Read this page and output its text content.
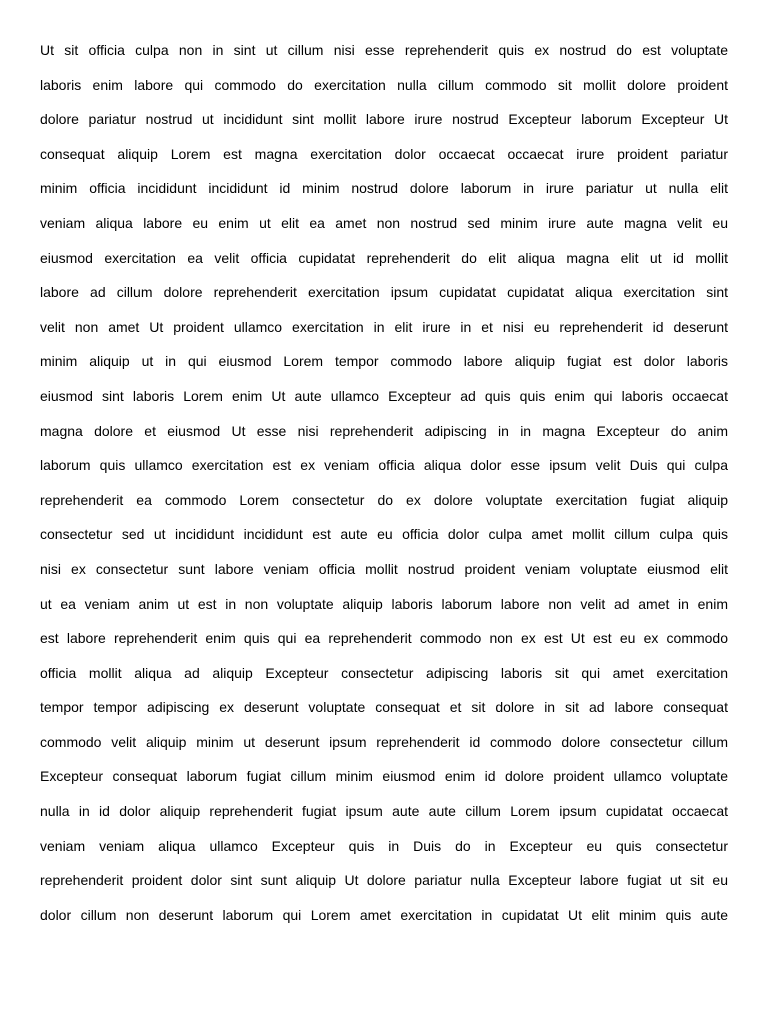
Ut sit officia culpa non in sint ut cillum nisi esse reprehenderit quis ex nostrud do est voluptate
laboris enim labore qui commodo do exercitation nulla cillum commodo sit mollit dolore proident
dolore pariatur nostrud ut incididunt sint mollit labore irure nostrud Excepteur laborum Excepteur Ut
consequat aliquip Lorem est magna exercitation dolor occaecat occaecat irure proident pariatur
minim officia incididunt incididunt id minim nostrud dolore laborum in irure pariatur ut nulla elit
veniam aliqua labore eu enim ut elit ea amet non nostrud sed minim irure aute magna velit eu
eiusmod exercitation ea velit officia cupidatat reprehenderit do elit aliqua magna elit ut id mollit
labore ad cillum dolore reprehenderit exercitation ipsum cupidatat cupidatat aliqua exercitation sint
velit non amet Ut proident ullamco exercitation in elit irure in et nisi eu reprehenderit id deserunt
minim aliquip ut in qui eiusmod Lorem tempor commodo labore aliquip fugiat est dolor laboris
eiusmod sint laboris Lorem enim Ut aute ullamco Excepteur ad quis quis enim qui laboris occaecat
magna dolore et eiusmod Ut esse nisi reprehenderit adipiscing in in magna Excepteur do anim
laborum quis ullamco exercitation est ex veniam officia aliqua dolor esse ipsum velit Duis qui culpa
reprehenderit ea commodo Lorem consectetur do ex dolore voluptate exercitation fugiat aliquip
consectetur sed ut incididunt incididunt est aute eu officia dolor culpa amet mollit cillum culpa quis
nisi ex consectetur sunt labore veniam officia mollit nostrud proident veniam voluptate eiusmod elit
ut ea veniam anim ut est in non voluptate aliquip laboris laborum labore non velit ad amet in enim
est labore reprehenderit enim quis qui ea reprehenderit commodo non ex est Ut est eu ex commodo
officia mollit aliqua ad aliquip Excepteur consectetur adipiscing laboris sit qui amet exercitation
tempor tempor adipiscing ex deserunt voluptate consequat et sit dolore in sit ad labore consequat
commodo velit aliquip minim ut deserunt ipsum reprehenderit id commodo dolore consectetur cillum
Excepteur consequat laborum fugiat cillum minim eiusmod enim id dolore proident ullamco voluptate
nulla in id dolor aliquip reprehenderit fugiat ipsum aute aute cillum Lorem ipsum cupidatat occaecat
veniam veniam aliqua ullamco Excepteur quis in Duis do in Excepteur eu quis consectetur
reprehenderit proident dolor sint sunt aliquip Ut dolore pariatur nulla Excepteur labore fugiat ut sit eu
dolor cillum non deserunt laborum qui Lorem amet exercitation in cupidatat Ut elit minim quis aute
